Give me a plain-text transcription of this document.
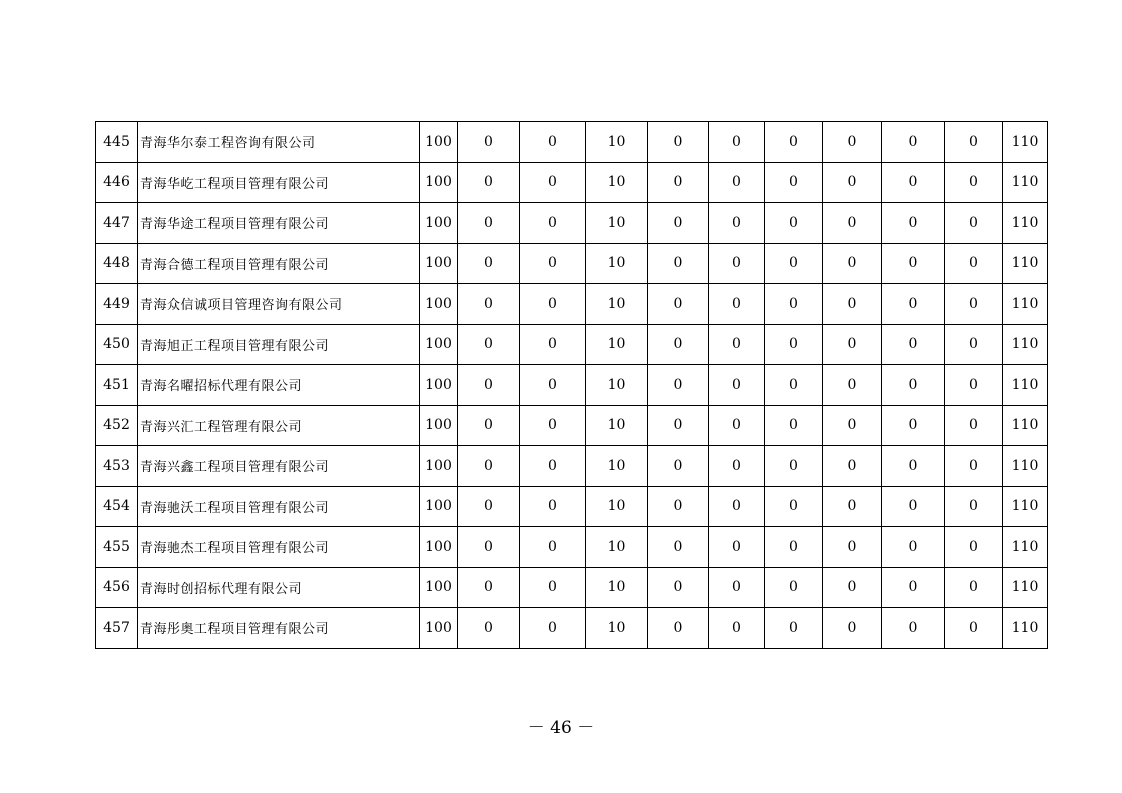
445	青海华尔泰工程咨询有限公司	100	0	0	10	0	0	0	0	0	0	110
446	青海华屹工程项目管理有限公司	100	0	0	10	0	0	0	0	0	0	110
447	青海华途工程项目管理有限公司	100	0	0	10	0	0	0	0	0	0	110
448	青海合德工程项目管理有限公司	100	0	0	10	0	0	0	0	0	0	110
449	青海众信诚项目管理咨询有限公司	100	0	0	10	0	0	0	0	0	0	110
450	青海旭正工程项目管理有限公司	100	0	0	10	0	0	0	0	0	0	110
451	青海名曜招标代理有限公司	100	0	0	10	0	0	0	0	0	0	110
452	青海兴汇工程管理有限公司	100	0	0	10	0	0	0	0	0	0	110
453	青海兴鑫工程项目管理有限公司	100	0	0	10	0	0	0	0	0	0	110
454	青海驰沃工程项目管理有限公司	100	0	0	10	0	0	0	0	0	0	110
455	青海驰杰工程项目管理有限公司	100	0	0	10	0	0	0	0	0	0	110
456	青海时创招标代理有限公司	100	0	0	10	0	0	0	0	0	0	110
457	青海彤奥工程项目管理有限公司	100	0	0	10	0	0	0	0	0	0	110
－ 46 －
